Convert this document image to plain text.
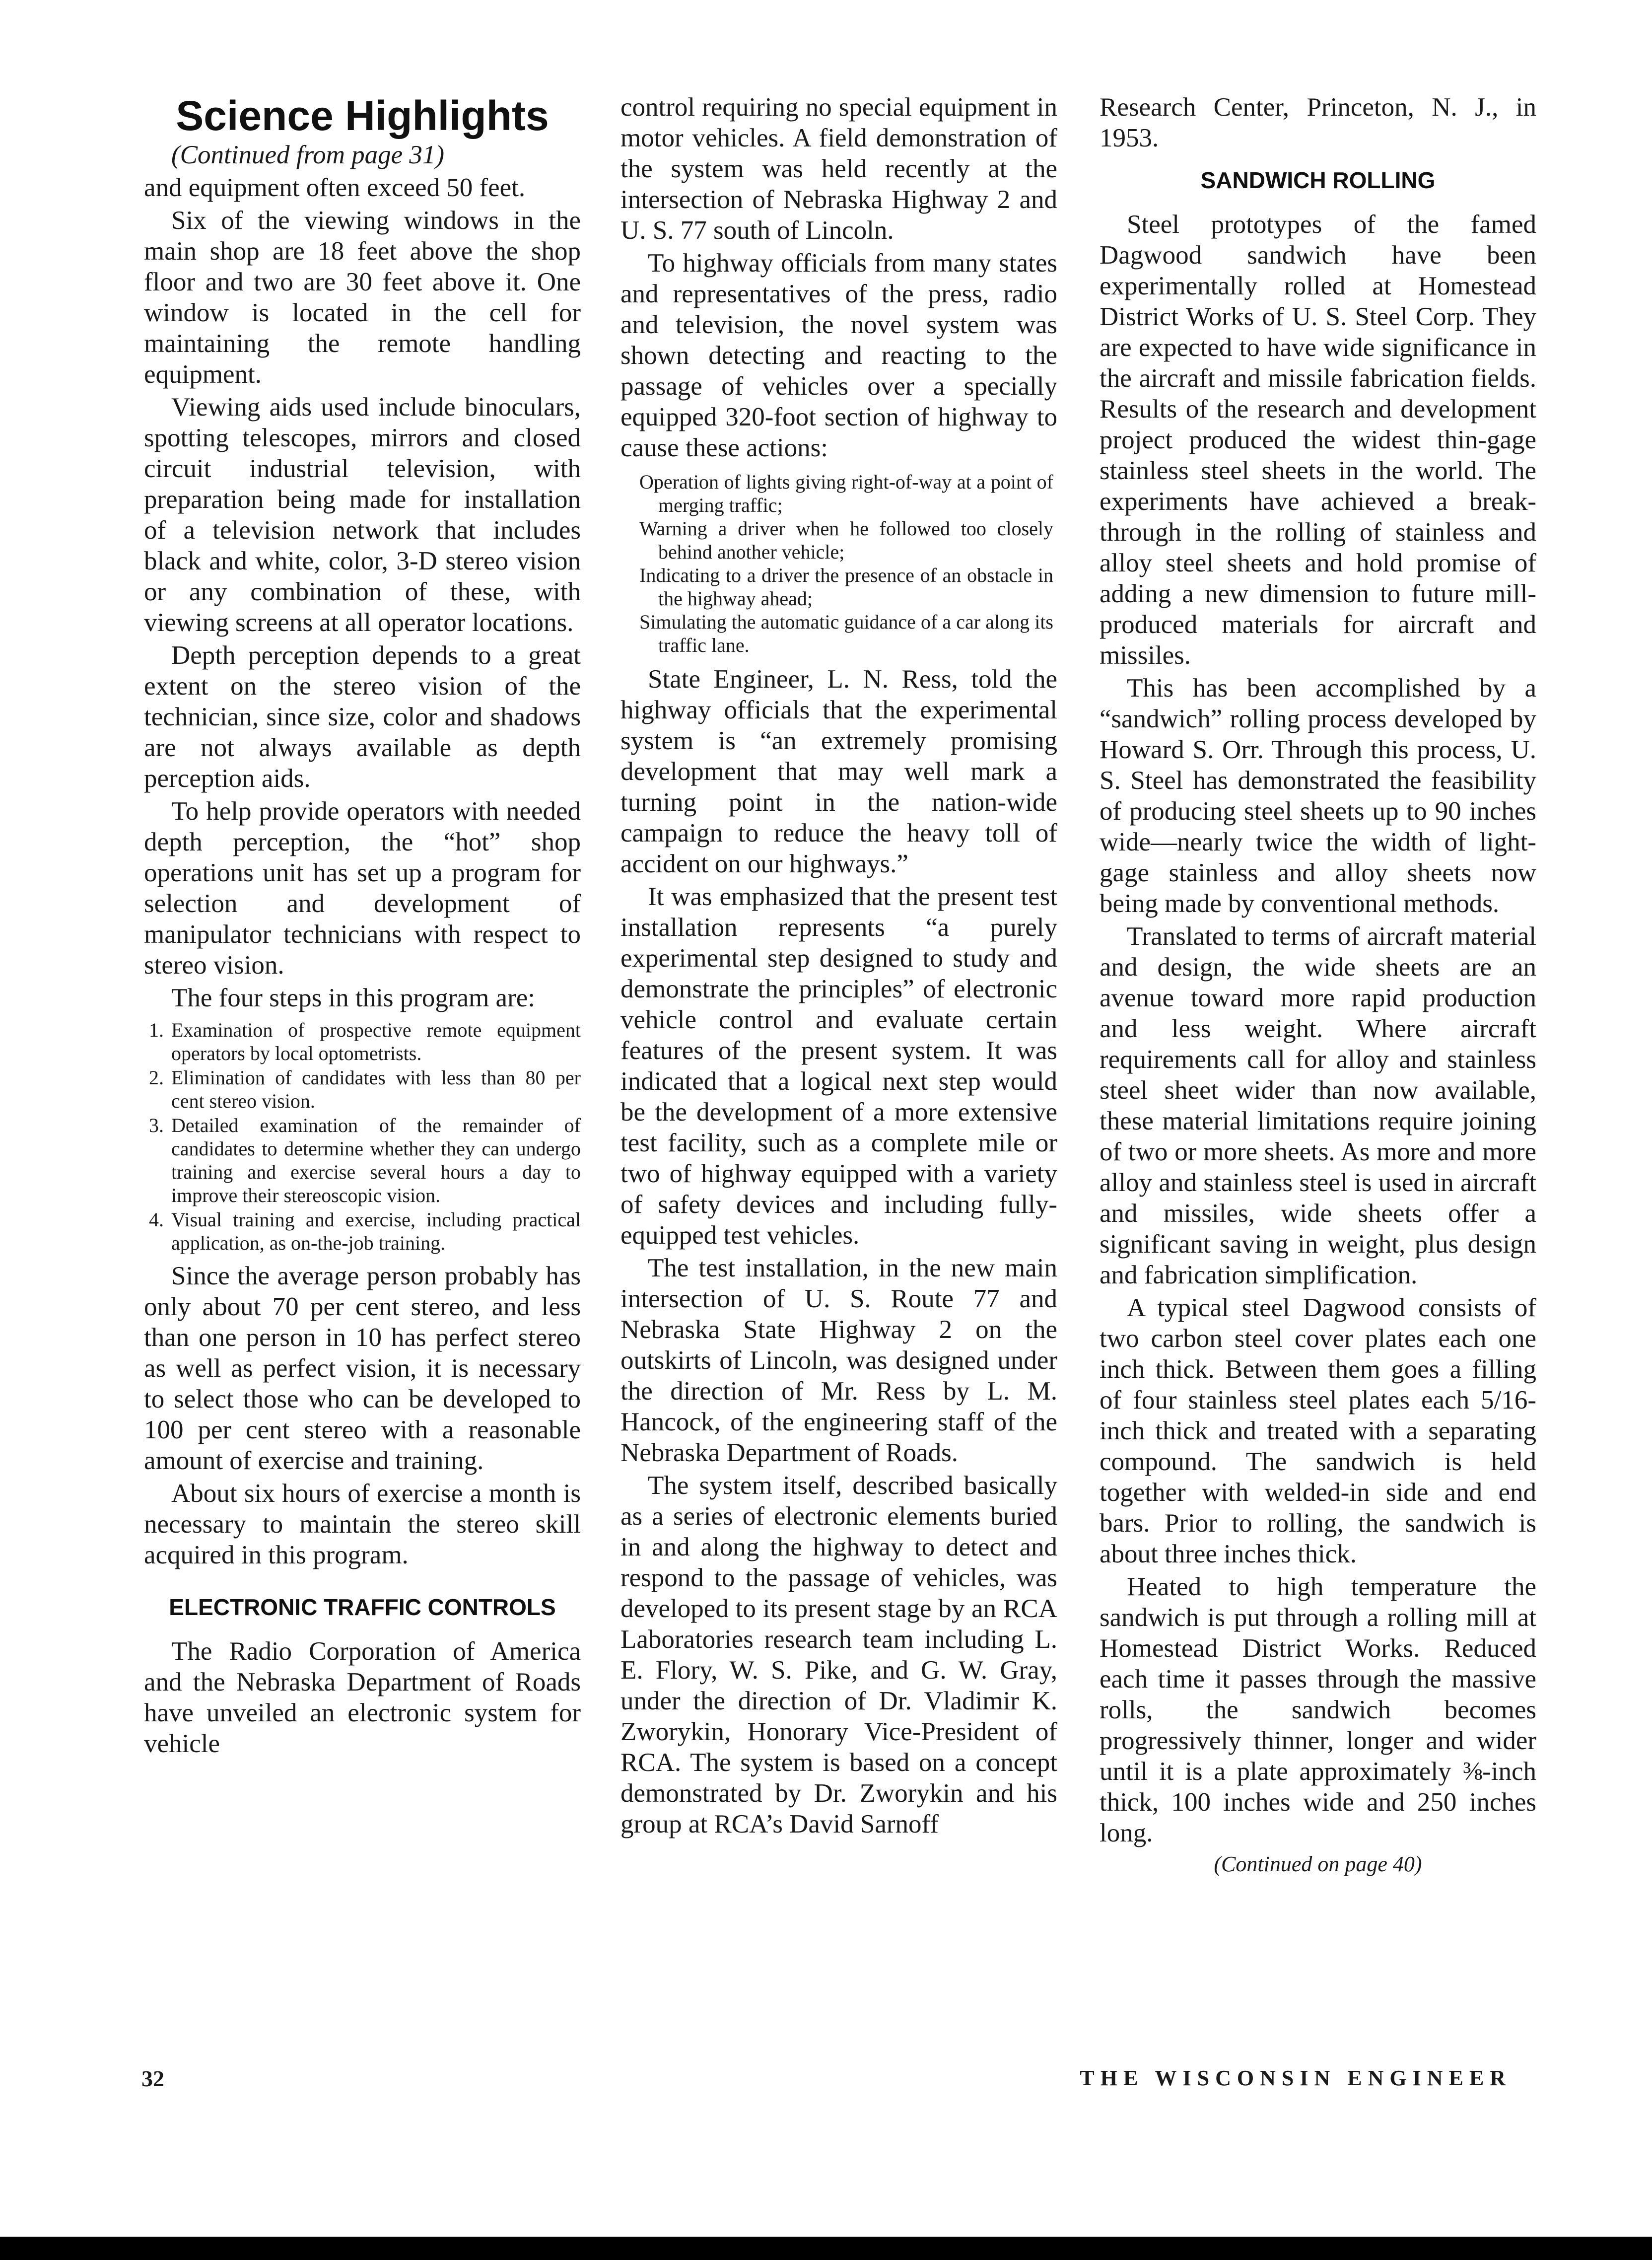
Science Highlights

(Continued from page 31)

and equipment often exceed 50 feet.

Six of the viewing windows in the main shop are 18 feet above the shop floor and two are 30 feet above it. One window is located in the cell for maintaining the remote handling equipment.

Viewing aids used include binoculars, spotting telescopes, mirrors and closed circuit industrial television, with preparation being made for installation of a television network that includes black and white, color, 3-D stereo vision or any combination of these, with viewing screens at all operator locations.

Depth perception depends to a great extent on the stereo vision of the technician, since size, color and shadows are not always available as depth perception aids.

To help provide operators with needed depth perception, the “hot” shop operations unit has set up a program for selection and development of manipulator technicians with respect to stereo vision.

The four steps in this program are:

1. Examination of prospective remote equipment operators by local optometrists.
2. Elimination of candidates with less than 80 per cent stereo vision.
3. Detailed examination of the remainder of candidates to determine whether they can undergo training and exercise several hours a day to improve their stereoscopic vision.
4. Visual training and exercise, including practical application, as on-the-job training.

Since the average person probably has only about 70 per cent stereo, and less than one person in 10 has perfect stereo as well as perfect vision, it is necessary to select those who can be developed to 100 per cent stereo with a reasonable amount of exercise and training.

About six hours of exercise a month is necessary to maintain the stereo skill acquired in this program.

ELECTRONIC TRAFFIC CONTROLS

The Radio Corporation of America and the Nebraska Department of Roads have unveiled an electronic system for vehicle

control requiring no special equipment in motor vehicles. A field demonstration of the system was held recently at the intersection of Nebraska Highway 2 and U. S. 77 south of Lincoln.

To highway officials from many states and representatives of the press, radio and television, the novel system was shown detecting and reacting to the passage of vehicles over a specially equipped 320-foot section of highway to cause these actions:

Operation of lights giving right-of-way at a point of merging traffic;
Warning a driver when he followed too closely behind another vehicle;
Indicating to a driver the presence of an obstacle in the highway ahead;
Simulating the automatic guidance of a car along its traffic lane.

State Engineer, L. N. Ress, told the highway officials that the experimental system is “an extremely promising development that may well mark a turning point in the nation-wide campaign to reduce the heavy toll of accident on our highways.”

It was emphasized that the present test installation represents “a purely experimental step designed to study and demonstrate the principles” of electronic vehicle control and evaluate certain features of the present system. It was indicated that a logical next step would be the development of a more extensive test facility, such as a complete mile or two of highway equipped with a variety of safety devices and including fully-equipped test vehicles.

The test installation, in the new main intersection of U. S. Route 77 and Nebraska State Highway 2 on the outskirts of Lincoln, was designed under the direction of Mr. Ress by L. M. Hancock, of the engineering staff of the Nebraska Department of Roads.

The system itself, described basically as a series of electronic elements buried in and along the highway to detect and respond to the passage of vehicles, was developed to its present stage by an RCA Laboratories research team including L. E. Flory, W. S. Pike, and G. W. Gray, under the direction of Dr. Vladimir K. Zworykin, Honorary Vice-President of RCA. The system is based on a concept demonstrated by Dr. Zworykin and his group at RCA’s David Sarnoff

Research Center, Princeton, N. J., in 1953.

SANDWICH ROLLING

Steel prototypes of the famed Dagwood sandwich have been experimentally rolled at Homestead District Works of U. S. Steel Corp. They are expected to have wide significance in the aircraft and missile fabrication fields. Results of the research and development project produced the widest thin-gage stainless steel sheets in the world. The experiments have achieved a break-through in the rolling of stainless and alloy steel sheets and hold promise of adding a new dimension to future mill-produced materials for aircraft and missiles.

This has been accomplished by a “sandwich” rolling process developed by Howard S. Orr. Through this process, U. S. Steel has demonstrated the feasibility of producing steel sheets up to 90 inches wide—nearly twice the width of light-gage stainless and alloy sheets now being made by conventional methods.

Translated to terms of aircraft material and design, the wide sheets are an avenue toward more rapid production and less weight. Where aircraft requirements call for alloy and stainless steel sheet wider than now available, these material limitations require joining of two or more sheets. As more and more alloy and stainless steel is used in aircraft and missiles, wide sheets offer a significant saving in weight, plus design and fabrication simplification.

A typical steel Dagwood consists of two carbon steel cover plates each one inch thick. Between them goes a filling of four stainless steel plates each 5/16-inch thick and treated with a separating compound. The sandwich is held together with welded-in side and end bars. Prior to rolling, the sandwich is about three inches thick.

Heated to high temperature the sandwich is put through a rolling mill at Homestead District Works. Reduced each time it passes through the massive rolls, the sandwich becomes progressively thinner, longer and wider until it is a plate approximately ⅜-inch thick, 100 inches wide and 250 inches long.

(Continued on page 40)

32	THE WISCONSIN ENGINEER
